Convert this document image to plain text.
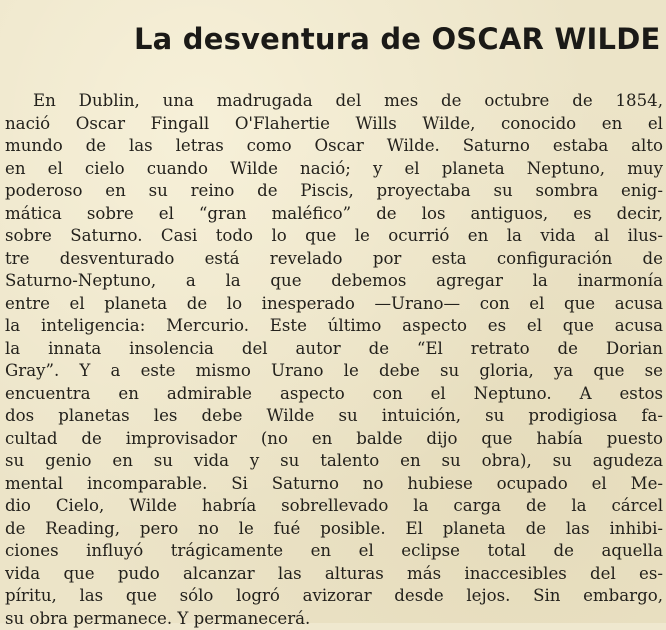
La desventura de OSCAR WILDE
En Dublin, una madrugada del mes de octubre de 1854,
nació Oscar Fingall O'Flahertie Wills Wilde, conocido en el
mundo de las letras como Oscar Wilde. Saturno estaba alto
en el cielo cuando Wilde nació; y el planeta Neptuno, muy
poderoso en su reino de Piscis, proyectaba su sombra enig-
mática sobre el “gran maléfico” de los antiguos, es decir,
sobre Saturno. Casi todo lo que le ocurrió en la vida al ilus-
tre desventurado está revelado por esta configuración de
Saturno-Neptuno, a la que debemos agregar la inarmonía
entre el planeta de lo inesperado —Urano— con el que acusa
la inteligencia: Mercurio. Este último aspecto es el que acusa
la innata insolencia del autor de “El retrato de Dorian
Gray”. Y a este mismo Urano le debe su gloria, ya que se
encuentra en admirable aspecto con el Neptuno. A estos
dos planetas les debe Wilde su intuición, su prodigiosa fa-
cultad de improvisador (no en balde dijo que había puesto
su genio en su vida y su talento en su obra), su agudeza
mental incomparable. Si Saturno no hubiese ocupado el Me-
dio Cielo, Wilde habría sobrellevado la carga de la cárcel
de Reading, pero no le fué posible. El planeta de las inhibi-
ciones influyó trágicamente en el eclipse total de aquella
vida que pudo alcanzar las alturas más inaccesibles del es-
píritu, las que sólo logró avizorar desde lejos. Sin embargo,
su obra permanece. Y permanecerá.
